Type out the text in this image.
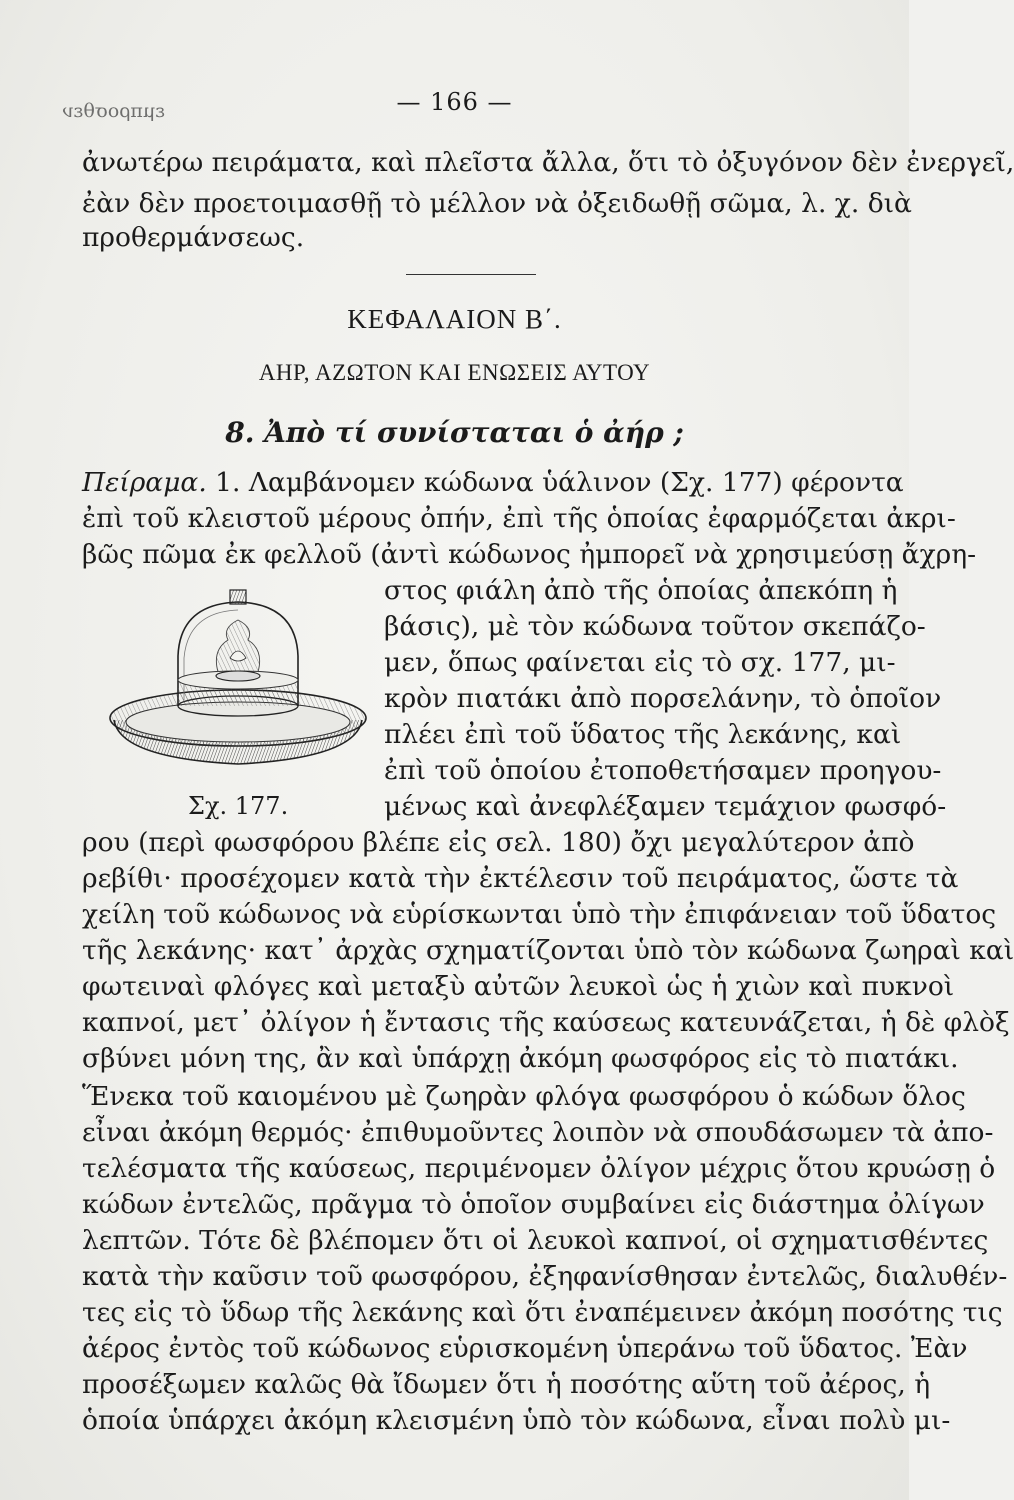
εμπροσθεν	— 166 —
ἀνωτέρω πειράματα, καὶ πλεῖστα ἄλλα, ὅτι τὸ ὀξυγόνον δὲν ἐνεργεῖ,
ἐὰν δὲν προετοιμασθῇ τὸ μέλλον νὰ ὀξειδωθῇ σῶμα, λ. χ. διὰ
προθερμάνσεως.
ΚΕΦΑΛΑΙΟΝ Β΄.
ΑΗΡ, ΑΖΩΤΟΝ ΚΑΙ ΕΝΩΣΕΙΣ ΑΥΤΟΥ
8. Ἀπὸ τί συνίσταται ὁ ἀήρ ;
Πείραμα. 1. Λαμβάνομεν κώδωνα ὑάλινον (Σχ. 177) φέροντα
ἐπὶ τοῦ κλειστοῦ μέρους ὀπήν, ἐπὶ τῆς ὁποίας ἐφαρμόζεται ἀκρι-
βῶς πῶμα ἐκ φελλοῦ (ἀντὶ κώδωνος ἠμπορεῖ νὰ χρησιμεύσῃ ἄχρη-
στος φιάλη ἀπὸ τῆς ὁποίας ἀπεκόπη ἡ
βάσις), μὲ τὸν κώδωνα τοῦτον σκεπάζο-
μεν, ὅπως φαίνεται εἰς τὸ σχ. 177, μι-
κρὸν πιατάκι ἀπὸ πορσελάνην, τὸ ὁποῖον
πλέει ἐπὶ τοῦ ὕδατος τῆς λεκάνης, καὶ
ἐπὶ τοῦ ὁποίου ἐτοποθετήσαμεν προηγου-
μένως καὶ ἀνεφλέξαμεν τεμάχιον φωσφό-
Σχ. 177.
ρου (περὶ φωσφόρου βλέπε εἰς σελ. 180) ὄχι μεγαλύτερον ἀπὸ
ρεβίθι· προσέχομεν κατὰ τὴν ἐκτέλεσιν τοῦ πειράματος, ὥστε τὰ
χείλη τοῦ κώδωνος νὰ εὑρίσκωνται ὑπὸ τὴν ἐπιφάνειαν τοῦ ὕδατος
τῆς λεκάνης· κατ᾽ ἀρχὰς σχηματίζονται ὑπὸ τὸν κώδωνα ζωηραὶ καὶ
φωτειναὶ φλόγες καὶ μεταξὺ αὐτῶν λευκοὶ ὡς ἡ χιὼν καὶ πυκνοὶ
καπνοί, μετ᾽ ὀλίγον ἡ ἔντασις τῆς καύσεως κατευνάζεται, ἡ δὲ φλὸξ
σβύνει μόνη της, ἂν καὶ ὑπάρχῃ ἀκόμη φωσφόρος εἰς τὸ πιατάκι.
Ἕνεκα τοῦ καιομένου μὲ ζωηρὰν φλόγα φωσφόρου ὁ κώδων ὅλος
εἶναι ἀκόμη θερμός· ἐπιθυμοῦντες λοιπὸν νὰ σπουδάσωμεν τὰ ἀπο-
τελέσματα τῆς καύσεως, περιμένομεν ὀλίγον μέχρις ὅτου κρυώσῃ ὁ
κώδων ἐντελῶς, πρᾶγμα τὸ ὁποῖον συμβαίνει εἰς διάστημα ὀλίγων
λεπτῶν. Τότε δὲ βλέπομεν ὅτι οἱ λευκοὶ καπνοί, οἱ σχηματισθέντες
κατὰ τὴν καῦσιν τοῦ φωσφόρου, ἐξηφανίσθησαν ἐντελῶς, διαλυθέν-
τες εἰς τὸ ὕδωρ τῆς λεκάνης καὶ ὅτι ἐναπέμεινεν ἀκόμη ποσότης τις
ἀέρος ἐντὸς τοῦ κώδωνος εὑρισκομένη ὑπεράνω τοῦ ὕδατος. Ἐὰν
προσέξωμεν καλῶς θὰ ἴδωμεν ὅτι ἡ ποσότης αὕτη τοῦ ἀέρος, ἡ
ὁποία ὑπάρχει ἀκόμη κλεισμένη ὑπὸ τὸν κώδωνα, εἶναι πολὺ μι-
